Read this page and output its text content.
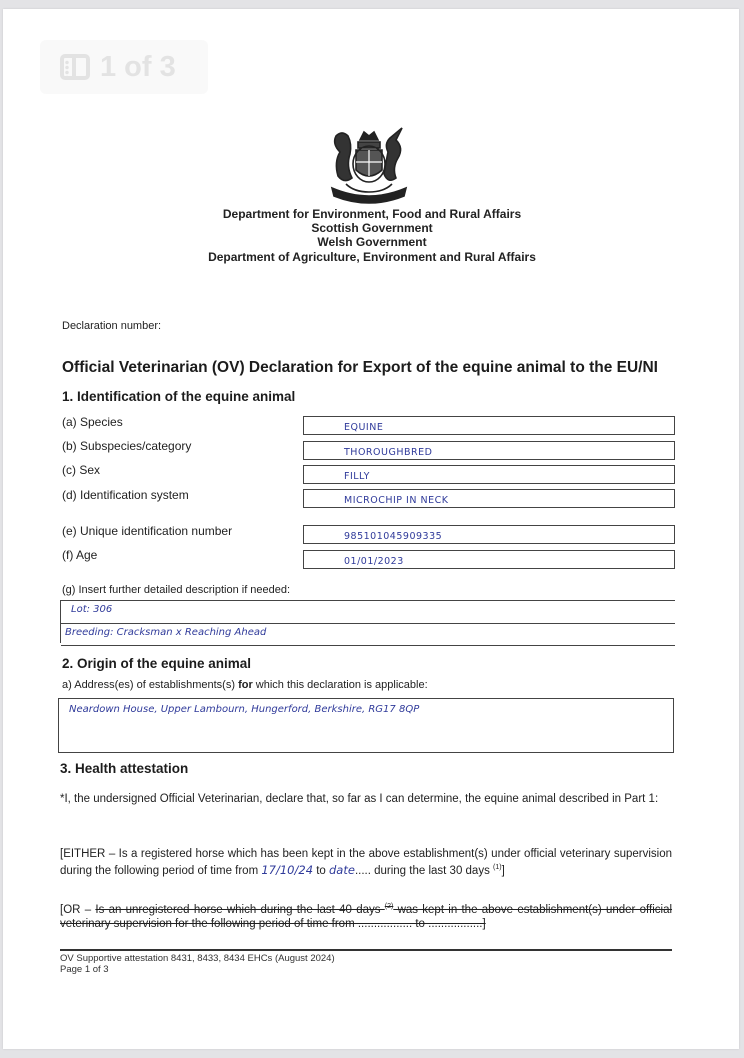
1 of 3
Department for Environment, Food and Rural Affairs
Scottish Government
Welsh Government
Department of Agriculture, Environment and Rural Affairs
Declaration number:
Official Veterinarian (OV) Declaration for Export of the equine animal to the EU/NI
1. Identification of the equine animal
(a) Species	EQUINE
(b) Subspecies/category	THOROUGHBRED
(c) Sex	FILLY
(d) Identification system	MICROCHIP IN NECK
(e) Unique identification number	985101045909335
(f) Age	01/01/2023
(g) Insert further detailed description if needed:
Lot: 306
Breeding: Cracksman x Reaching Ahead
2. Origin of the equine animal
a) Address(es) of establishments(s) for which this declaration is applicable:
Neardown House, Upper Lambourn, Hungerford, Berkshire, RG17 8QP
3. Health attestation
*I, the undersigned Official Veterinarian, declare that, so far as I can determine, the equine animal described in Part 1:
[EITHER – Is a registered horse which has been kept in the above establishment(s) under official veterinary supervision during the following period of time from 17/10/24 to date..... during the last 30 days $^{(1)}$]
[OR – Is an unregistered horse which during the last 40 days $^{(2)}$ was kept in the above establishment(s) under official veterinary supervision for the following period of time from ................. to .................]
OV Supportive attestation 8431, 8433, 8434 EHCs (August 2024)
Page 1 of 3
